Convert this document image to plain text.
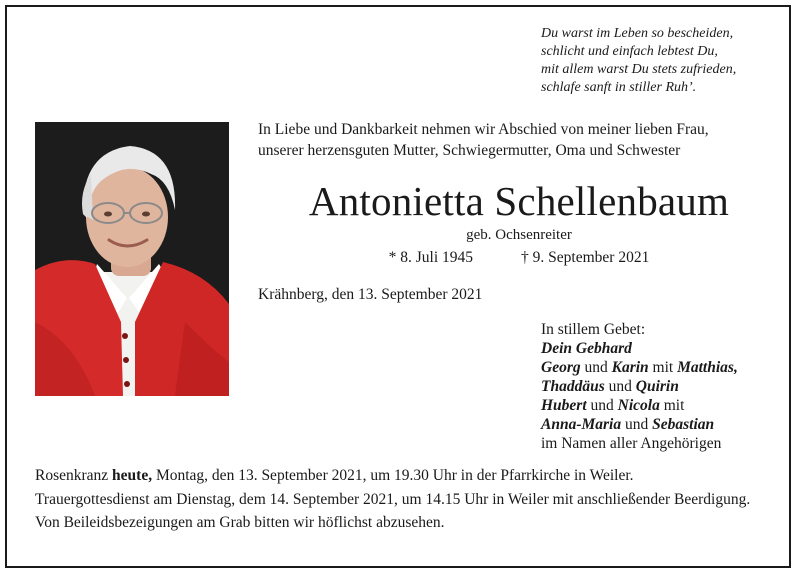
Du warst im Leben so bescheiden,
schlicht und einfach lebtest Du,
mit allem warst Du stets zufrieden,
schlafe sanft in stiller Ruh’.
In Liebe und Dankbarkeit nehmen wir Abschied von meiner lieben Frau,
unserer herzensguten Mutter, Schwiegermutter, Oma und Schwester
Antonietta Schellenbaum
geb. Ochsenreiter
* 8. Juli 1945	† 9. September 2021
Krähnberg, den 13. September 2021
In stillem Gebet:
Dein Gebhard
Georg und Karin mit Matthias,
Thaddäus und Quirin
Hubert und Nicola mit
Anna-Maria und Sebastian
im Namen aller Angehörigen

Rosenkranz heute, Montag, den 13. September 2021, um 19.30 Uhr in der Pfarrkirche in Weiler.

Trauergottesdienst am Dienstag, dem 14. September 2021, um 14.15 Uhr in Weiler mit anschließender Beerdigung.

Von Beileidsbezeigungen am Grab bitten wir höflichst abzusehen.
